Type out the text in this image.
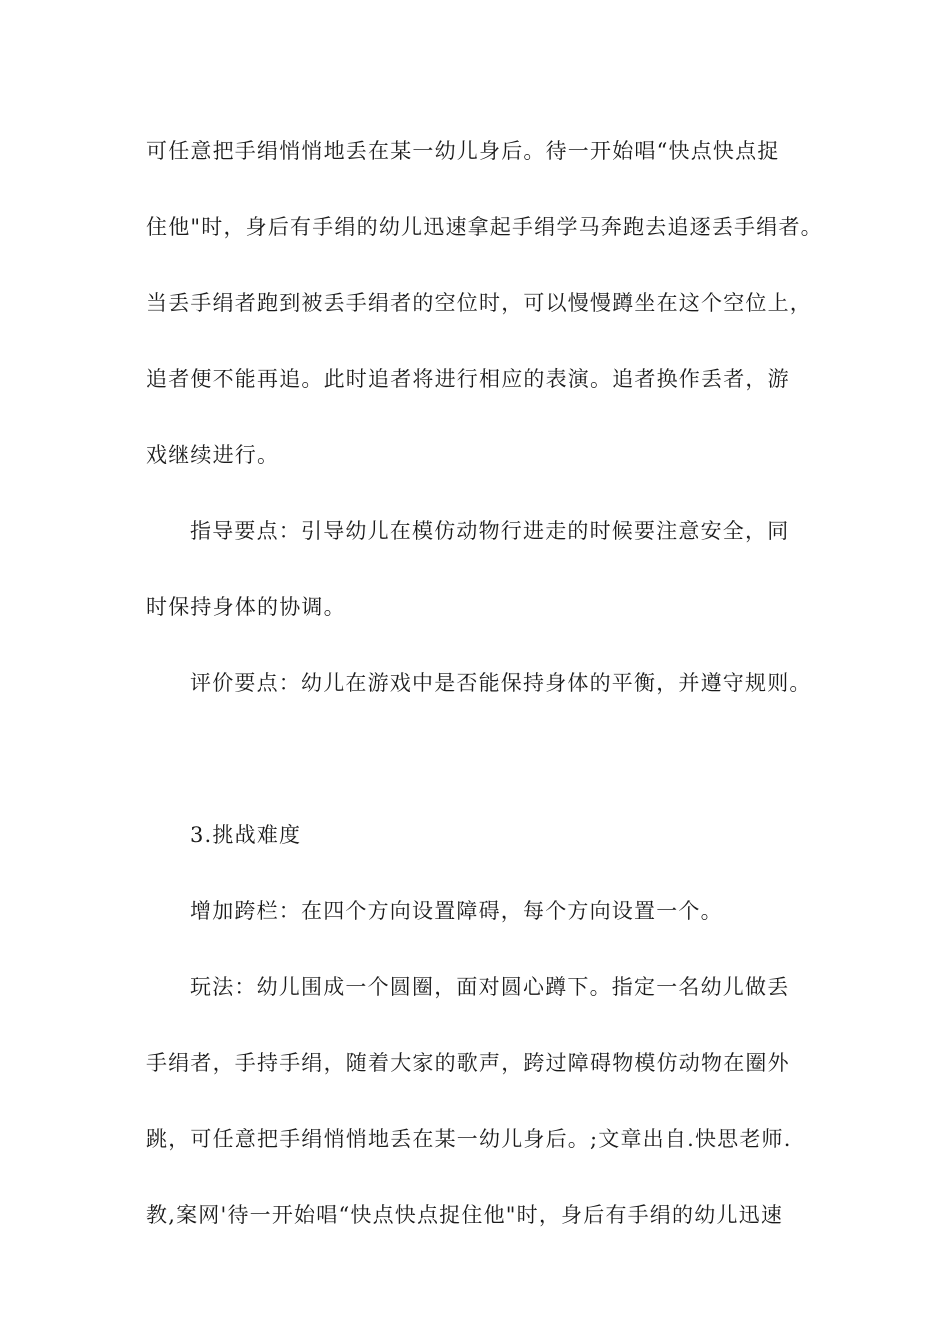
可任意把手绢悄悄地丢在某一幼儿身后。待一开始唱“快点快点捉
住他"时，身后有手绢的幼儿迅速拿起手绢学马奔跑去追逐丢手绢者。
当丢手绢者跑到被丢手绢者的空位时，可以慢慢蹲坐在这个空位上，
追者便不能再追。此时追者将进行相应的表演。追者换作丢者，游
戏继续进行。
指导要点：引导幼儿在模仿动物行进走的时候要注意安全，同
时保持身体的协调。
评价要点：幼儿在游戏中是否能保持身体的平衡，并遵守规则。
3.挑战难度
增加跨栏：在四个方向设置障碍，每个方向设置一个。
玩法：幼儿围成一个圆圈，面对圆心蹲下。指定一名幼儿做丢
手绢者，手持手绢，随着大家的歌声，跨过障碍物模仿动物在圈外
跳，可任意把手绢悄悄地丢在某一幼儿身后。;文章出自.快思老师.
教,案网'待一开始唱“快点快点捉住他"时，身后有手绢的幼儿迅速
